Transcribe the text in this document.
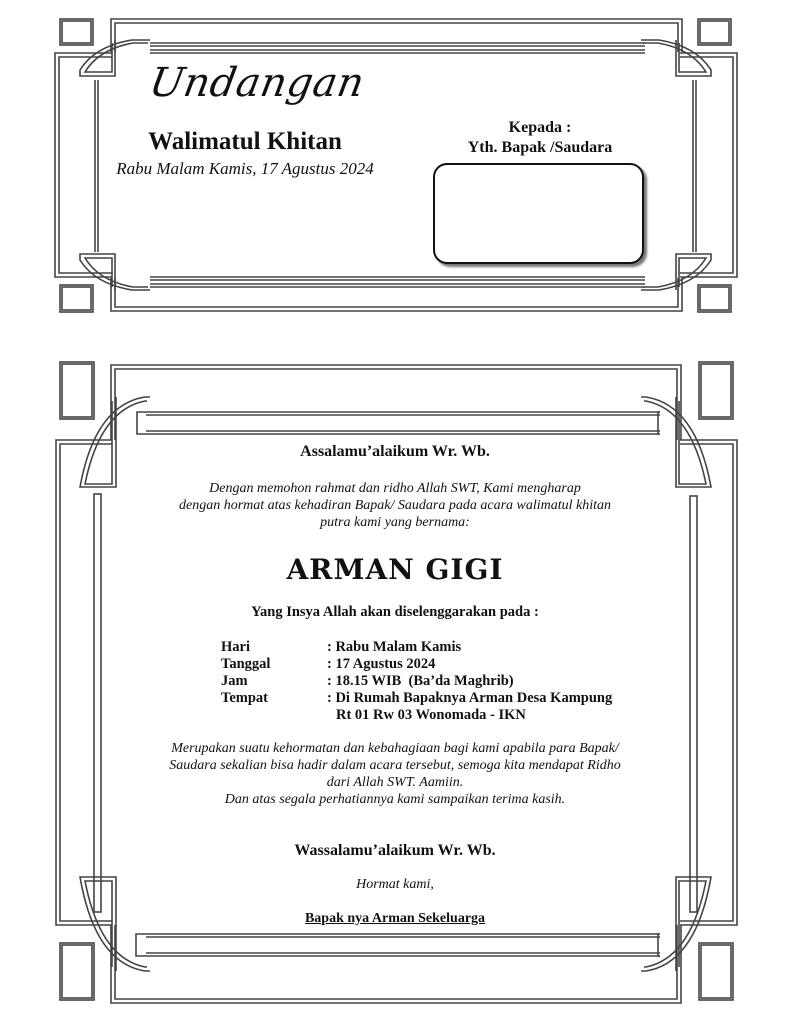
Undangan
Walimatul Khitan
Rabu Malam Kamis, 17 Agustus 2024
Kepada :
Yth. Bapak /Saudara
Assalamu’alaikum Wr. Wb.
Dengan memohon rahmat dan ridho Allah SWT, Kami mengharap
dengan hormat atas kehadiran Bapak/ Saudara pada acara walimatul khitan
putra kami yang bernama:
ARMAN GIGI
Yang Insya Allah akan diselenggarakan pada :
Hari	: Rabu Malam Kamis
Tanggal	: 17 Agustus 2024
Jam	: 18.15 WIB  (Ba’da Maghrib)
Tempat	: Di Rumah Bapaknya Arman Desa Kampung
Rt 01 Rw 03 Wonomada - IKN
Merupakan suatu kehormatan dan kebahagiaan bagi kami apabila para Bapak/
Saudara sekalian bisa hadir dalam acara tersebut, semoga kita mendapat Ridho
dari Allah SWT. Aamiin.
Dan atas segala perhatiannya kami sampaikan terima kasih.
Wassalamu’alaikum Wr. Wb.
Hormat kami,
Bapak nya Arman Sekeluarga
